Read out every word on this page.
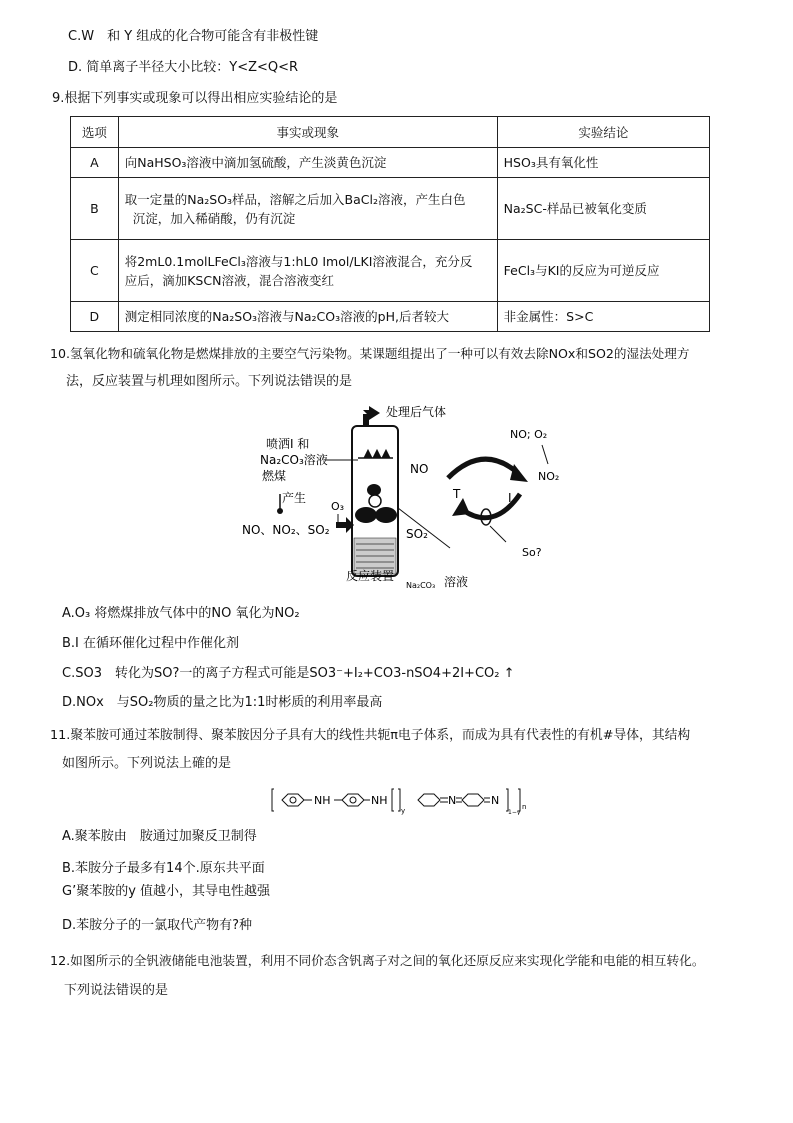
C.W　和 Y 组成的化合物可能含有非极性键
D. 简单离子半径大小比较：Y<Z<Q<R
9.根据下列事实或现象可以得出相应实验结论的是
选项	事实或现象	实验结论
A	向NaHSO₃溶液中滴加氢硫酸，产生淡黄色沉淀	HSO₃具有氧化性
B	取一定量的Na₂SO₃样品，溶解之后加入BaCl₂溶液，产生白色
沉淀，加入稀硝酸，仍有沉淀	Na₂SC-样品已被氧化变质
C	将2mL0.1molLFeCl₃溶液与1:hL0 Imol/LKI溶液混合，充分反
应后，滴加KSCN溶液，混合溶液变红	FeCl₃与KI的反应为可逆反应
D	测定相同浓度的Na₂SO₃溶液与Na₂CO₃溶液的pH,后者较大	非金属性：S>C
10.氢氧化物和硫氧化物是燃煤排放的主要空气污染物。某课题组提出了一种可以有效去除NOx和SO2的湿法处理方
法，反应装置与机理如图所示。下列说法错误的是
处理后气体
喷洒I 和
Na₂CO₃溶液
燃煤
产生
O₃
NO、NO₂、SO₂
NO
SO₂
反应装置
Na₂CO₃ 溶液
NO; O₂
NO₂
T	I
So?
A.O₃ 将燃煤排放气体中的NO 氧化为NO₂
B.I 在循环催化过程中作催化剂
C.SO3　转化为SO?一的离子方程式可能是SO3⁻+I₂+CO3-nSO4+2I+CO₂ ↑
D.NOx　与SO₂物质的量之比为1:1时彬质的利用率最高
11.聚苯胺可通过苯胺制得、聚苯胺因分子具有大的线性共轭π电子体系，而成为具有代表性的有机#导体，其结构
如图所示。下列说法上確的是
NH	NH
y
N	N
1−y
n
A.聚苯胺由　胺通过加聚反卫制得
B.苯胺分子最多有14个.原东共平面
G’聚苯胺的y 值越小，其导电性越强
D.苯胺分子的一氯取代产物有?种
12.如图所示的全钒液储能电池装置，利用不同价态含钒离子对之间的氧化还原反应来实现化学能和电能的相互转化。
下列说法错误的是
